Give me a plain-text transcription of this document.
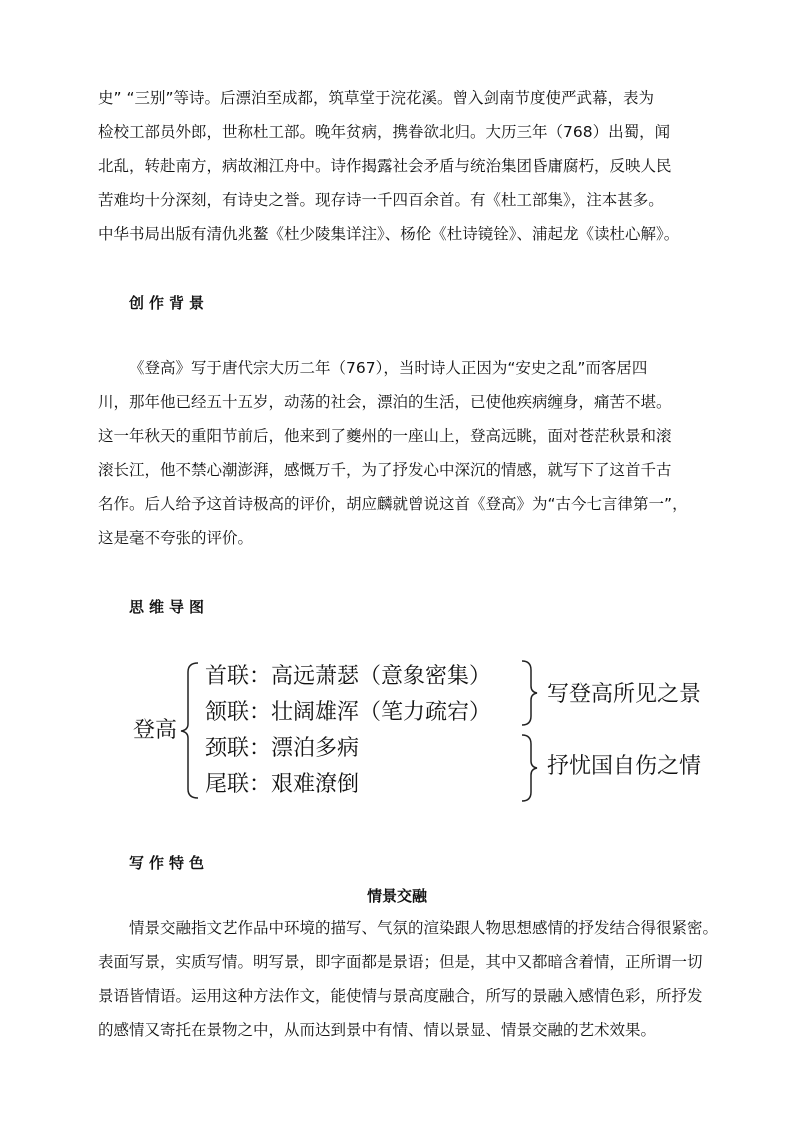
史” “三别”等诗。后漂泊至成都，筑草堂于浣花溪。曾入剑南节度使严武幕，表为
检校工部员外郎，世称杜工部。晚年贫病，携眷欲北归。大历三年（768）出蜀，闻
北乱，转赴南方，病故湘江舟中。诗作揭露社会矛盾与统治集团昏庸腐朽，反映人民
苦难均十分深刻，有诗史之誉。现存诗一千四百余首。有《杜工部集》，注本甚多。
中华书局出版有清仇兆鳌《杜少陵集详注》、杨伦《杜诗镜铨》、浦起龙《读杜心解》。
创作背景
《登高》写于唐代宗大历二年（767），当时诗人正因为“安史之乱”而客居四
川，那年他已经五十五岁，动荡的社会，漂泊的生活，已使他疾病缠身，痛苦不堪。
这一年秋天的重阳节前后，他来到了夔州的一座山上，登高远眺，面对苍茫秋景和滚
滚长江，他不禁心潮澎湃，感慨万千，为了抒发心中深沉的情感，就写下了这首千古
名作。后人给予这首诗极高的评价，胡应麟就曾说这首《登高》为“古今七言律第一”，
这是毫不夸张的评价。
思维导图
登高
首联：高远萧瑟（意象密集）
颔联：壮阔雄浑（笔力疏宕）
颈联：漂泊多病
尾联：艰难潦倒
写登高所见之景
抒忧国自伤之情
写作特色
情景交融
情景交融指文艺作品中环境的描写、气氛的渲染跟人物思想感情的抒发结合得很紧密。
表面写景，实质写情。明写景，即字面都是景语；但是，其中又都暗含着情，正所谓一切
景语皆情语。运用这种方法作文，能使情与景高度融合，所写的景融入感情色彩，所抒发
的感情又寄托在景物之中，从而达到景中有情、情以景显、情景交融的艺术效果。
